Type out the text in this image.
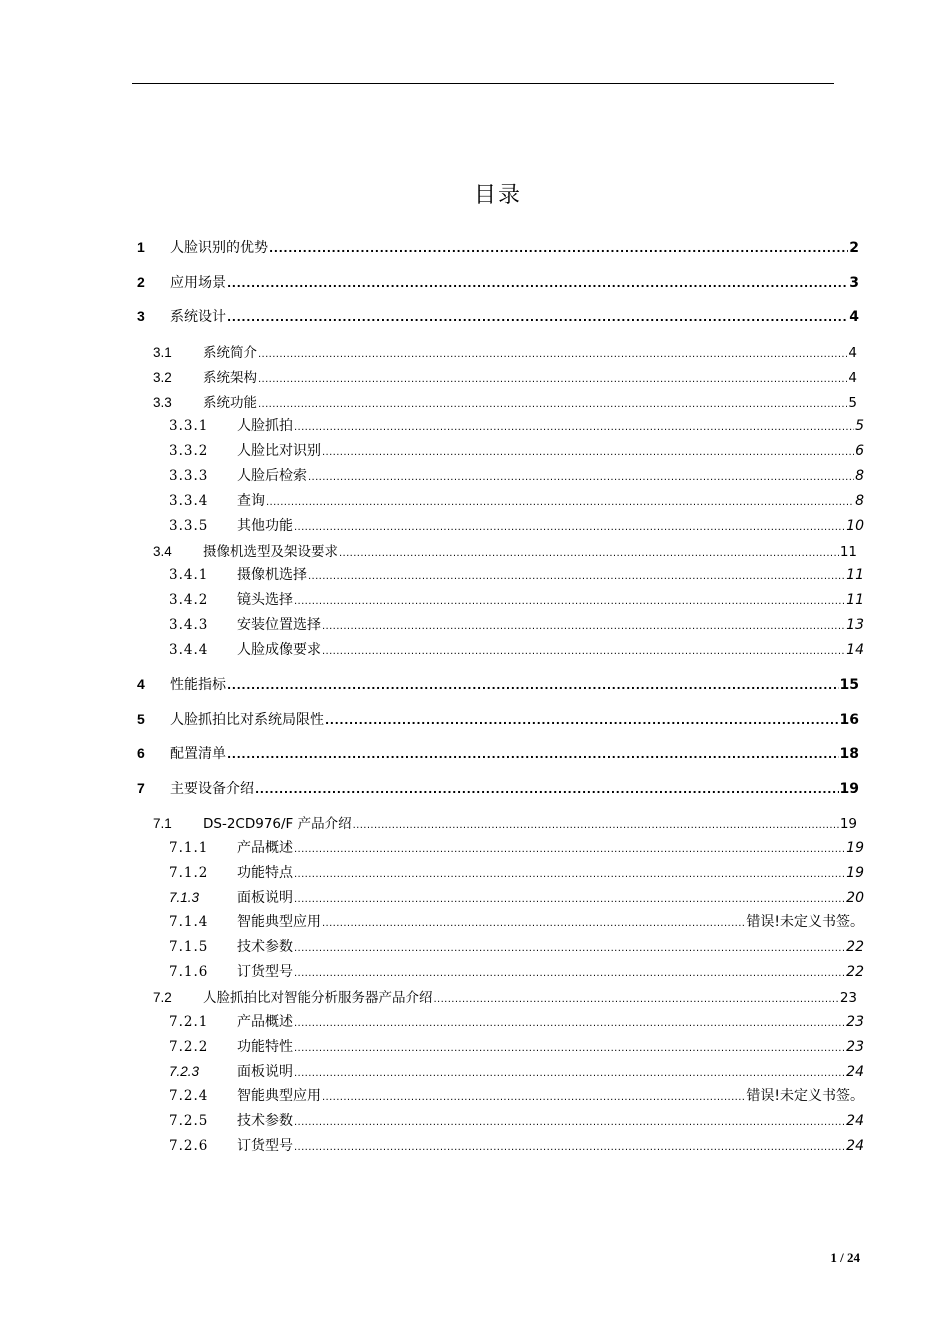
目录
1	人脸识别的优势 . . .	2
2	应用场景 . . .	3
3	系统设计 . . .	4
3.1	系统简介 . . .	4
3.2	系统架构 . . .	4
3.3	系统功能 . . .	5
3.3.1	人脸抓拍 . . .	5
3.3.2	人脸比对识别 . . .	6
3.3.3	人脸后检索 . . .	8
3.3.4	查询 . . .	8
3.3.5	其他功能 . . .	10
3.4	摄像机选型及架设要求 . . .	11
3.4.1	摄像机选择 . . .	11
3.4.2	镜头选择 . . .	11
3.4.3	安装位置选择 . . .	13
3.4.4	人脸成像要求 . . .	14
4	性能指标 . . .	15
5	人脸抓拍比对系统局限性 . . .	16
6	配置清单 . . .	18
7	主要设备介绍 . . .	19
7.1	DS-2CD976/F 产品介绍 . . .	19
7.1.1	产品概述 . . .	19
7.1.2	功能特点 . . .	19
7.1.3	面板说明 . . .	20
7.1.4	智能典型应用 . . .	错误!未定义书签。
7.1.5	技术参数 . . .	22
7.1.6	订货型号 . . .	22
7.2	人脸抓拍比对智能分析服务器产品介绍 . . .	23
7.2.1	产品概述 . . .	23
7.2.2	功能特性 . . .	23
7.2.3	面板说明 . . .	24
7.2.4	智能典型应用 . . .	错误!未定义书签。
7.2.5	技术参数 . . .	24
7.2.6	订货型号 . . .	24
1 / 24
